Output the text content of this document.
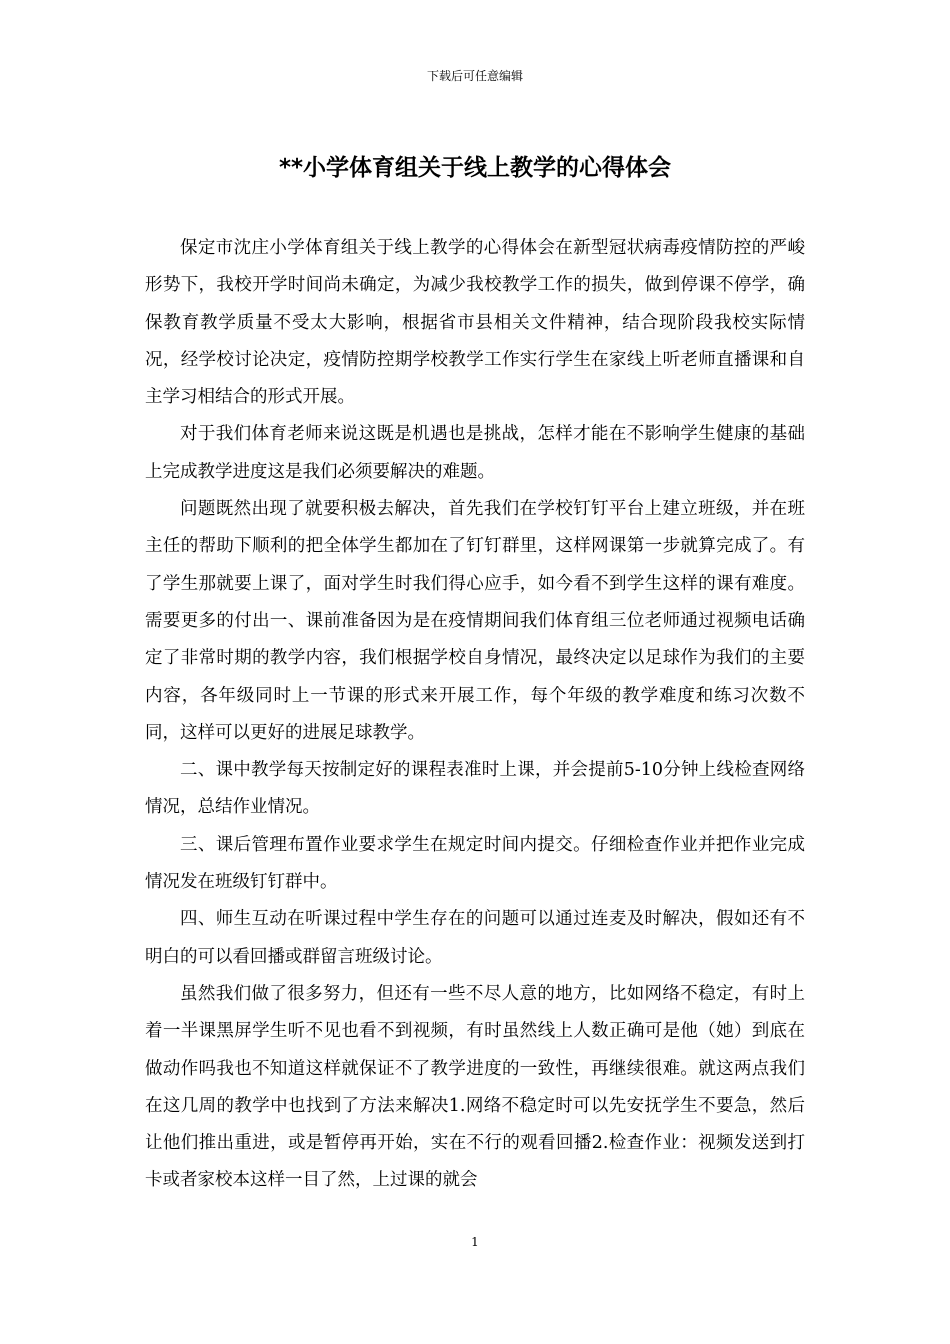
下载后可任意编辑
**小学体育组关于线上教学的心得体会

保定市沈庄小学体育组关于线上教学的心得体会在新型冠状病毒疫情防控的严峻形势下，我校开学时间尚未确定，为减少我校教学工作的损失，做到停课不停学，确保教育教学质量不受太大影响，根据省市县相关文件精神，结合现阶段我校实际情况，经学校讨论决定，疫情防控期学校教学工作实行学生在家线上听老师直播课和自主学习相结合的形式开展。

对于我们体育老师来说这既是机遇也是挑战，怎样才能在不影响学生健康的基础上完成教学进度这是我们必须要解决的难题。

问题既然出现了就要积极去解决，首先我们在学校钉钉平台上建立班级，并在班主任的帮助下顺利的把全体学生都加在了钉钉群里，这样网课第一步就算完成了。有了学生那就要上课了，面对学生时我们得心应手，如今看不到学生这样的课有难度。需要更多的付出一、课前准备因为是在疫情期间我们体育组三位老师通过视频电话确定了非常时期的教学内容，我们根据学校自身情况，最终决定以足球作为我们的主要内容，各年级同时上一节课的形式来开展工作，每个年级的教学难度和练习次数不同，这样可以更好的进展足球教学。

二、课中教学每天按制定好的课程表准时上课，并会提前5-10分钟上线检查网络情况，总结作业情况。

三、课后管理布置作业要求学生在规定时间内提交。仔细检查作业并把作业完成情况发在班级钉钉群中。

四、师生互动在听课过程中学生存在的问题可以通过连麦及时解决，假如还有不明白的可以看回播或群留言班级讨论。

虽然我们做了很多努力，但还有一些不尽人意的地方，比如网络不稳定，有时上着一半课黑屏学生听不见也看不到视频，有时虽然线上人数正确可是他（她）到底在做动作吗我也不知道这样就保证不了教学进度的一致性，再继续很难。就这两点我们在这几周的教学中也找到了方法来解决1.网络不稳定时可以先安抚学生不要急，然后让他们推出重进，或是暂停再开始，实在不行的观看回播2.检查作业：视频发送到打卡或者家校本这样一目了然，上过课的就会

1
